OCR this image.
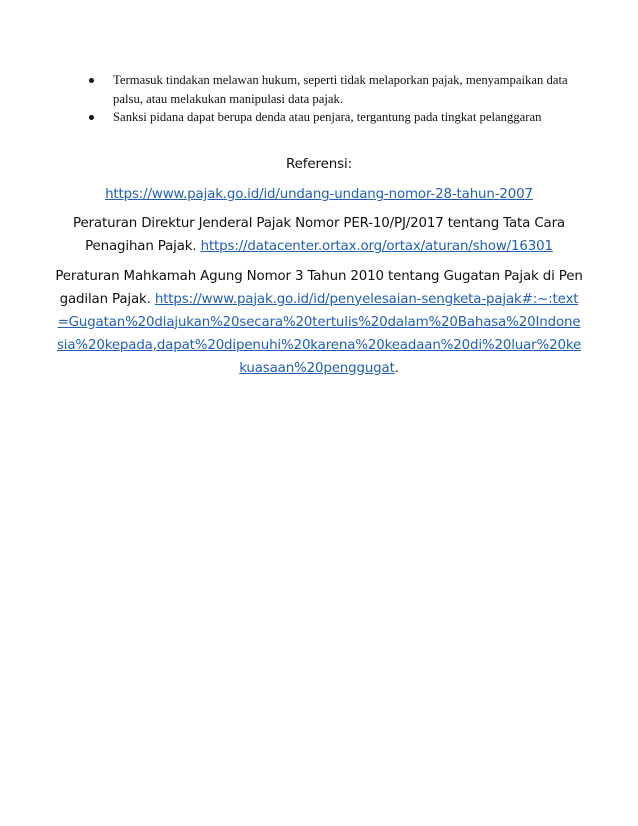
Termasuk tindakan melawan hukum, seperti tidak melaporkan pajak, menyampaikan data palsu, atau melakukan manipulasi data pajak.
Sanksi pidana dapat berupa denda atau penjara, tergantung pada tingkat pelanggaran

Referensi:

https://www.pajak.go.id/id/undang-undang-nomor-28-tahun-2007

Peraturan Direktur Jenderal Pajak Nomor PER-10/PJ/2017 tentang Tata Cara Penagihan Pajak. https://datacenter.ortax.org/ortax/aturan/show/16301

Peraturan Mahkamah Agung Nomor 3 Tahun 2010 tentang Gugatan Pajak di Pengadilan Pajak. https://www.pajak.go.id/id/penyelesaian-sengketa-pajak#:~:text=Gugatan%20diajukan%20secara%20tertulis%20dalam%20Bahasa%20Indonesia%20kepada,dapat%20dipenuhi%20karena%20keadaan%20di%20luar%20kekuasaan%20penggugat.
